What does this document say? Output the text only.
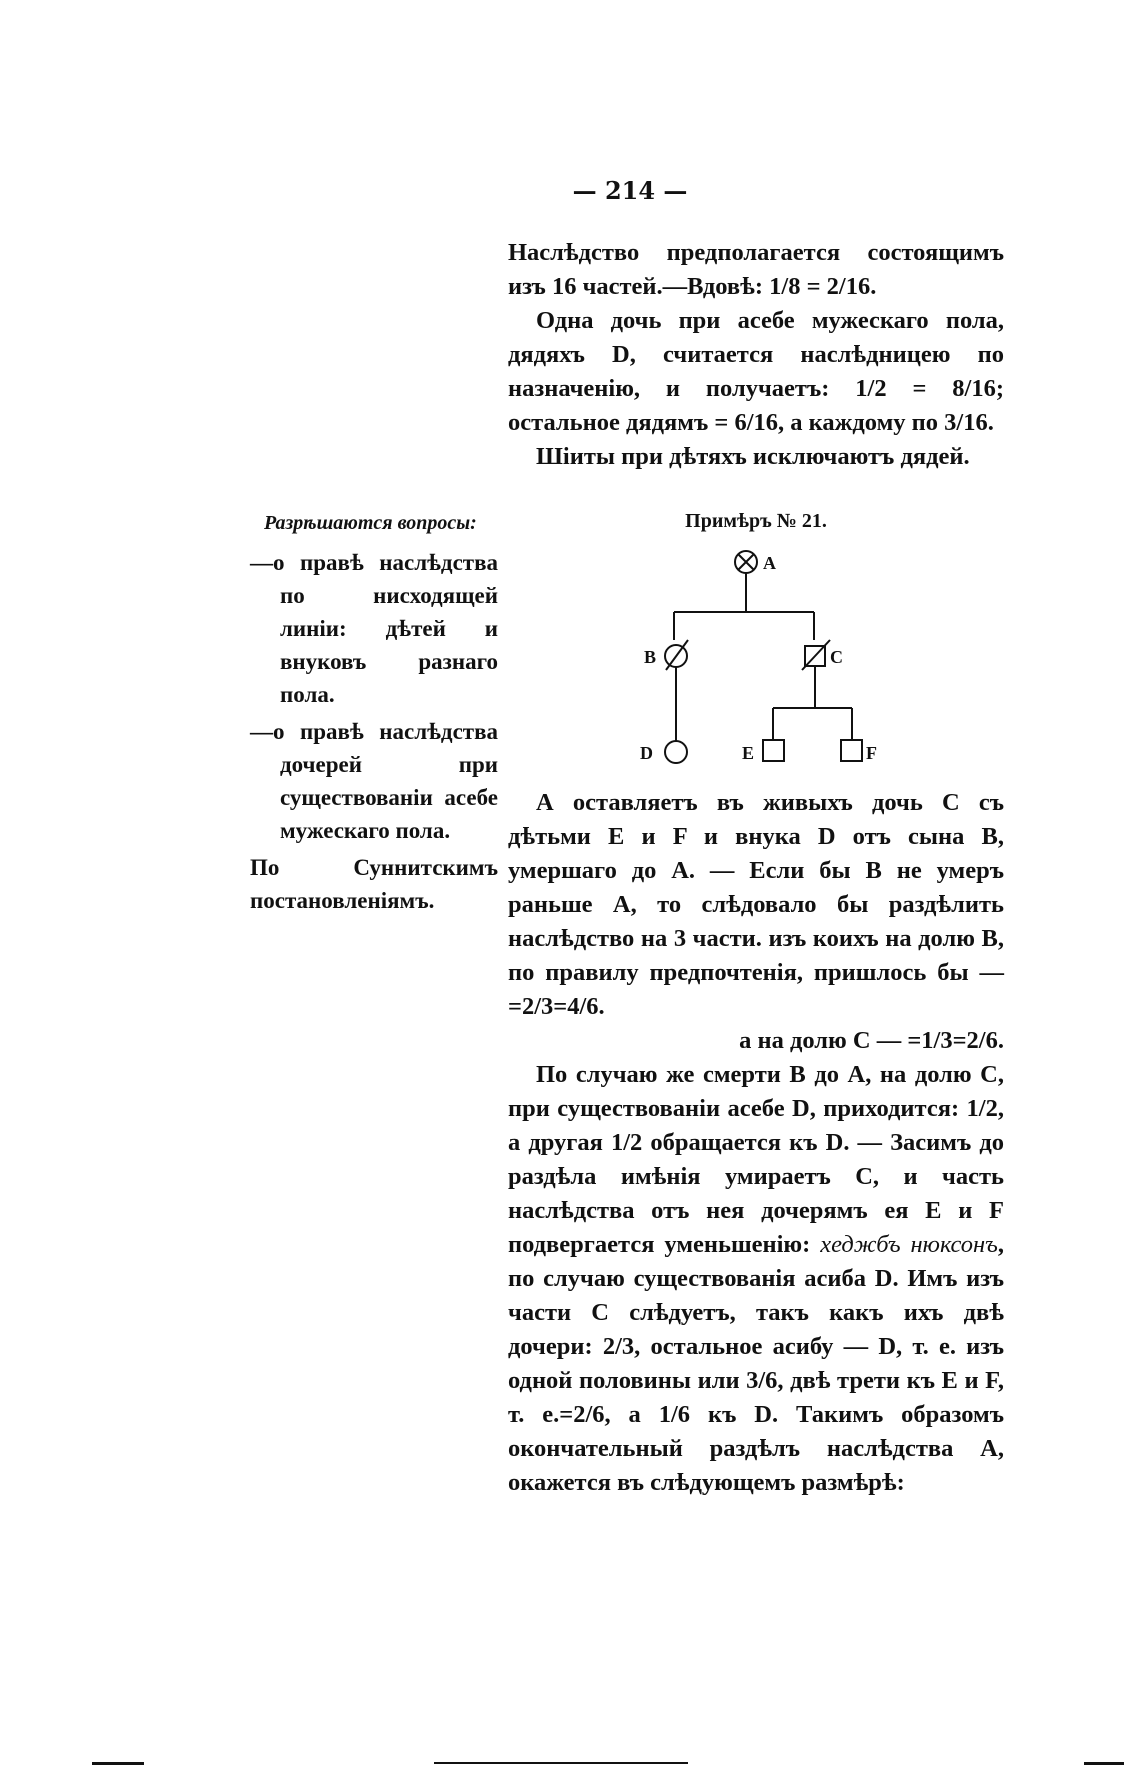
— 214 —

Наслѣдство предполагается состоящимъ изъ 16 частей.—Вдовѣ: 1/8 = 2/16.

Одна дочь при асебе мужескаго пола, дядяхъ D, считается наслѣдницею по назначенію, и получаетъ: 1/2 = 8/16; остальное дядямъ = 6/16, а каждому по 3/16.

Шіиты при дѣтяхъ исключаютъ дядей.

Разрѣшаются вопросы:
—о правѣ наслѣдства по нисходящей линіи: дѣтей и внуковъ разнаго пола.
—о правѣ наслѣдства дочерей при существованіи асебе мужескаго пола.
По Суннитскимъ постановленіямъ.
Примѣръ № 21.
A
B	C
D	E	F

А оставляетъ въ живыхъ дочь С съ дѣтьми Е и F и внука D отъ сына В, умершаго до А. — Если бы В не умеръ раньше А, то слѣдовало бы раздѣлить наслѣдство на 3 части. изъ коихъ на долю В, по правилу предпочтенія, пришлось бы — =2/3=4/6.

а на долю С — =1/3=2/6.

По случаю же смерти В до А, на долю С, при существованіи асебе D, приходится: 1/2, а другая 1/2 обращается къ D. — Засимъ до раздѣла имѣнія умираетъ С, и часть наслѣдства отъ нея дочерямъ ея Е и F подвергается уменьшенію: хеджбъ нюксонъ, по случаю существованія асиба D. Имъ изъ части С слѣдуетъ, такъ какъ ихъ двѣ дочери: 2/3, остальное асибу — D, т. е. изъ одной половины или 3/6, двѣ трети къ Е и F, т. е.=2/6, а 1/6 къ D. Такимъ образомъ окончательный раздѣлъ наслѣдства А, окажется въ слѣдующемъ размѣрѣ:
